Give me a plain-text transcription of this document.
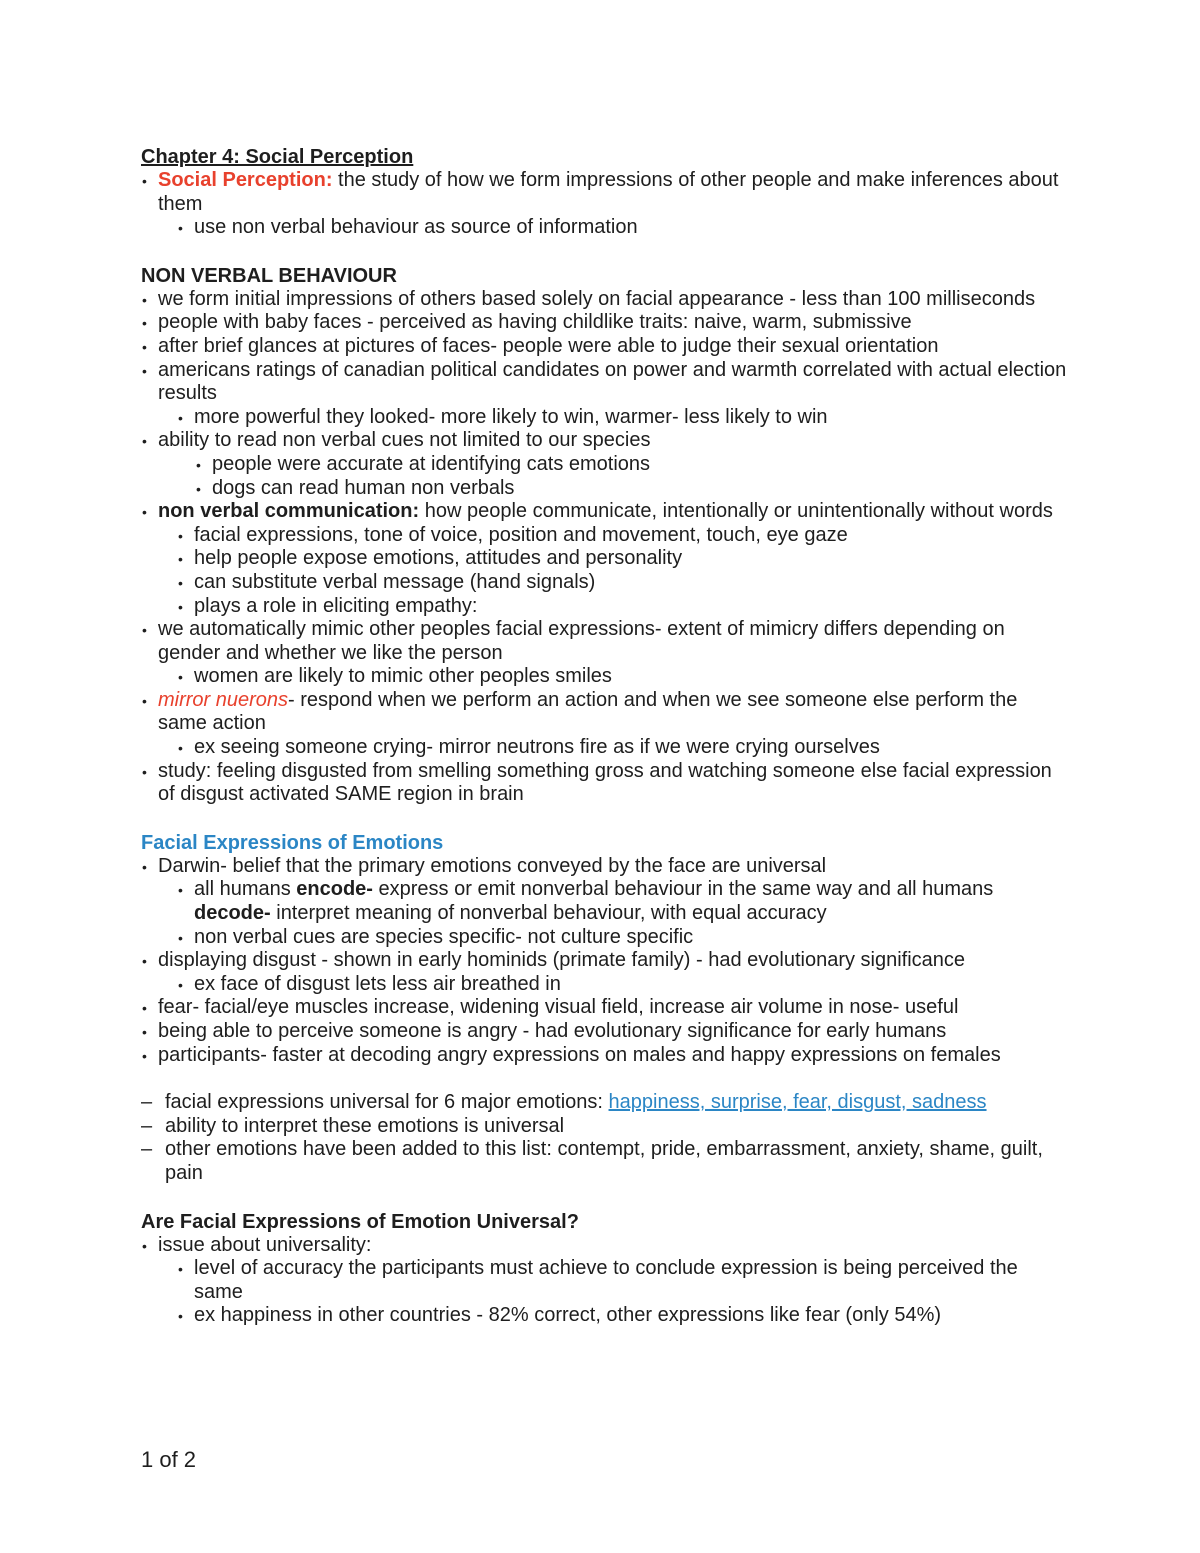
Chapter 4: Social Perception
• Social Perception: the study of how we form impressions of other people and make inferences about them
• use non verbal behaviour as source of information
NON VERBAL BEHAVIOUR
• we form initial impressions of others based solely on facial appearance - less than 100 milliseconds
• people with baby faces - perceived as having childlike traits: naive, warm, submissive
• after brief glances at pictures of faces- people were able to judge their sexual orientation
• americans ratings of canadian political candidates on power and warmth correlated with actual election results
• more powerful they looked- more likely to win, warmer- less likely to win
• ability to read non verbal cues not limited to our species
• people were accurate at identifying cats emotions
• dogs can read human non verbals
• non verbal communication: how people communicate, intentionally or unintentionally without words
• facial expressions, tone of voice, position and movement, touch, eye gaze
• help people expose emotions, attitudes and personality
• can substitute verbal message (hand signals)
• plays a role in eliciting empathy:
• we automatically mimic other peoples facial expressions- extent of mimicry differs depending on gender and whether we like the person
• women are likely to mimic other peoples smiles
• mirror nuerons- respond when we perform an action and when we see someone else perform the same action
• ex seeing someone crying- mirror neutrons fire as if we were crying ourselves
• study: feeling disgusted from smelling something gross and watching someone else facial expression of disgust activated SAME region in brain
Facial Expressions of Emotions
• Darwin- belief that the primary emotions conveyed by the face are universal
• all humans encode- express or emit nonverbal behaviour in the same way and all humans decode- interpret meaning of nonverbal behaviour, with equal accuracy
• non verbal cues are species specific- not culture specific
• displaying disgust - shown in early hominids (primate family) - had evolutionary significance
• ex face of disgust lets less air breathed in
• fear- facial/eye muscles increase, widening visual field, increase air volume in nose- useful
• being able to perceive someone is angry - had evolutionary significance for early humans
• participants- faster at decoding angry expressions on males and happy expressions on females
– facial expressions universal for 6 major emotions: happiness, surprise, fear, disgust, sadness
– ability to interpret these emotions is universal
– other emotions have been added to this list: contempt, pride, embarrassment, anxiety, shame, guilt, pain
Are Facial Expressions of Emotion Universal?
• issue about universality:
• level of accuracy the participants must achieve to conclude expression is being perceived the same
• ex happiness in other countries - 82% correct, other expressions like fear (only 54%)
1 of 2
